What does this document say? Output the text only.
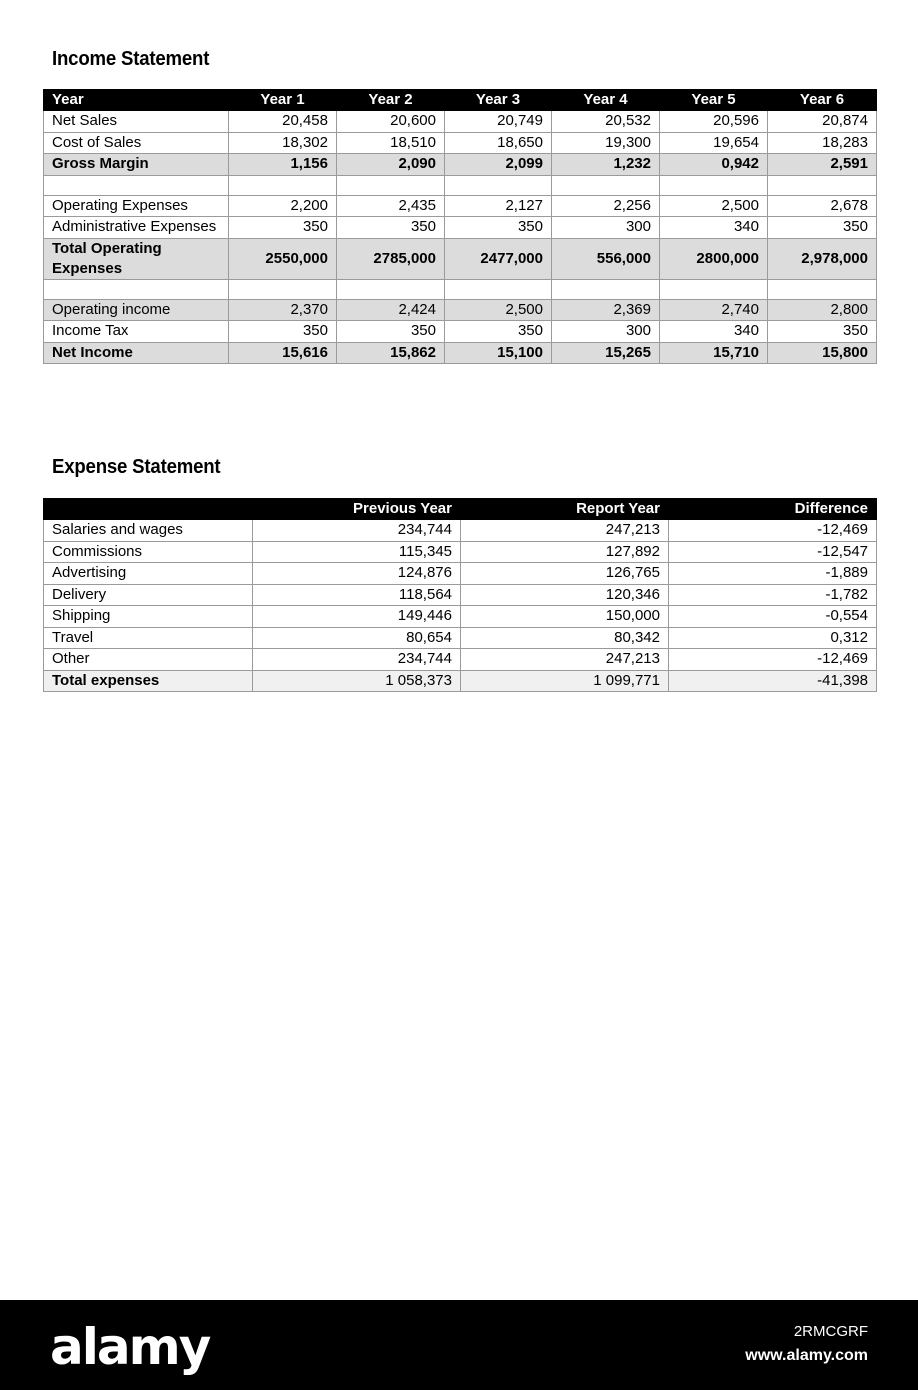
Income Statement
Year	Year 1	Year 2	Year 3	Year 4	Year 5	Year 6
Net Sales	20,458	20,600	20,749	20,532	20,596	20,874
Cost of Sales	18,302	18,510	18,650	19,300	19,654	18,283
Gross Margin	1,156	2,090	2,099	1,232	0,942	2,591

Operating Expenses	2,200	2,435	2,127	2,256	2,500	2,678
Administrative Expenses	350	350	350	300	340	350
Total Operating Expenses	2550,000	2785,000	2477,000	556,000	2800,000	2,978,000

Operating income	2,370	2,424	2,500	2,369	2,740	2,800
Income Tax	350	350	350	300	340	350
Net Income	15,616	15,862	15,100	15,265	15,710	15,800
Expense Statement
	Previous Year	Report Year	Difference
Salaries and wages	234,744	247,213	-12,469
Commissions	115,345	127,892	-12,547
Advertising	124,876	126,765	-1,889
Delivery	118,564	120,346	-1,782
Shipping	149,446	150,000	-0,554
Travel	80,654	80,342	0,312
Other	234,744	247,213	-12,469
Total expenses	1 058,373	1 099,771	-41,398
alamy	2RMCGRF
www.alamy.com
